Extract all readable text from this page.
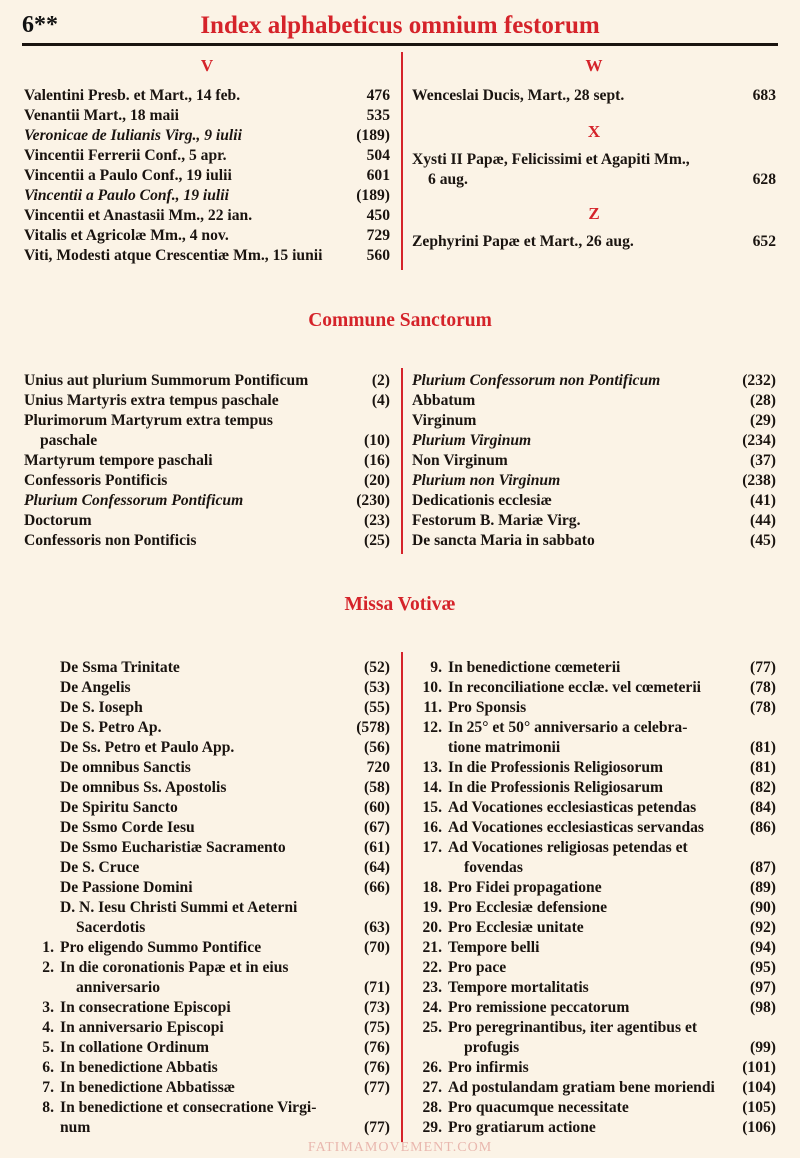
6**	Index alphabeticus omnium festorum
V
Valentini Presb. et Mart., 14 feb.	476
Venantii Mart., 18 maii	535
Veronicae de Iulianis Virg., 9 iulii	(189)
Vincentii Ferrerii Conf., 5 apr.	504
Vincentii a Paulo Conf., 19 iulii	601
Vincentii a Paulo Conf., 19 iulii	(189)
Vincentii et Anastasii Mm., 22 ian.	450
Vitalis et Agricolæ Mm., 4 nov.	729
Viti, Modesti atque Crescentiæ Mm., 15 iunii	560
W
Wenceslai Ducis, Mart., 28 sept.	683
X
Xysti II Papæ, Felicissimi et Agapiti Mm.,
6 aug.	628
Z
Zephyrini Papæ et Mart., 26 aug.	652
Commune Sanctorum
Unius aut plurium Summorum Pontificum	(2)
Unius Martyris extra tempus paschale	(4)
Plurimorum Martyrum extra tempus
paschale	(10)
Martyrum tempore paschali	(16)
Confessoris Pontificis	(20)
Plurium Confessorum Pontificum	(230)
Doctorum	(23)
Confessoris non Pontificis	(25)
Plurium Confessorum non Pontificum	(232)
Abbatum	(28)
Virginum	(29)
Plurium Virginum	(234)
Non Virginum	(37)
Plurium non Virginum	(238)
Dedicationis ecclesiæ	(41)
Festorum B. Mariæ Virg.	(44)
De sancta Maria in sabbato	(45)
Missa Votivæ
De Ssma Trinitate	(52)
De Angelis	(53)
De S. Ioseph	(55)
De S. Petro Ap.	(578)
De Ss. Petro et Paulo App.	(56)
De omnibus Sanctis	720
De omnibus Ss. Apostolis	(58)
De Spiritu Sancto	(60)
De Ssmo Corde Iesu	(67)
De Ssmo Eucharistiæ Sacramento	(61)
De S. Cruce	(64)
De Passione Domini	(66)
D. N. Iesu Christi Summi et Aeterni
Sacerdotis	(63)
1. Pro eligendo Summo Pontifice	(70)
2. In die coronationis Papæ et in eius
anniversario	(71)
3. In consecratione Episcopi	(73)
4. In anniversario Episcopi	(75)
5. In collatione Ordinum	(76)
6. In benedictione Abbatis	(76)
7. In benedictione Abbatissæ	(77)
8. In benedictione et consecratione Virgi-
num	(77)
9. In benedictione cœmeterii	(77)
10. In reconciliatione ecclæ. vel cœmeterii	(78)
11. Pro Sponsis	(78)
12. In 25° et 50° anniversario a celebra-
tione matrimonii	(81)
13. In die Professionis Religiosorum	(81)
14. In die Professionis Religiosarum	(82)
15. Ad Vocationes ecclesiasticas petendas	(84)
16. Ad Vocationes ecclesiasticas servandas	(86)
17. Ad Vocationes religiosas petendas et
fovendas	(87)
18. Pro Fidei propagatione	(89)
19. Pro Ecclesiæ defensione	(90)
20. Pro Ecclesiæ unitate	(92)
21. Tempore belli	(94)
22. Pro pace	(95)
23. Tempore mortalitatis	(97)
24. Pro remissione peccatorum	(98)
25. Pro peregrinantibus, iter agentibus et
profugis	(99)
26. Pro infirmis	(101)
27. Ad postulandam gratiam bene moriendi	(104)
28. Pro quacumque necessitate	(105)
29. Pro gratiarum actione	(106)
FATIMAMOVEMENT.COM
